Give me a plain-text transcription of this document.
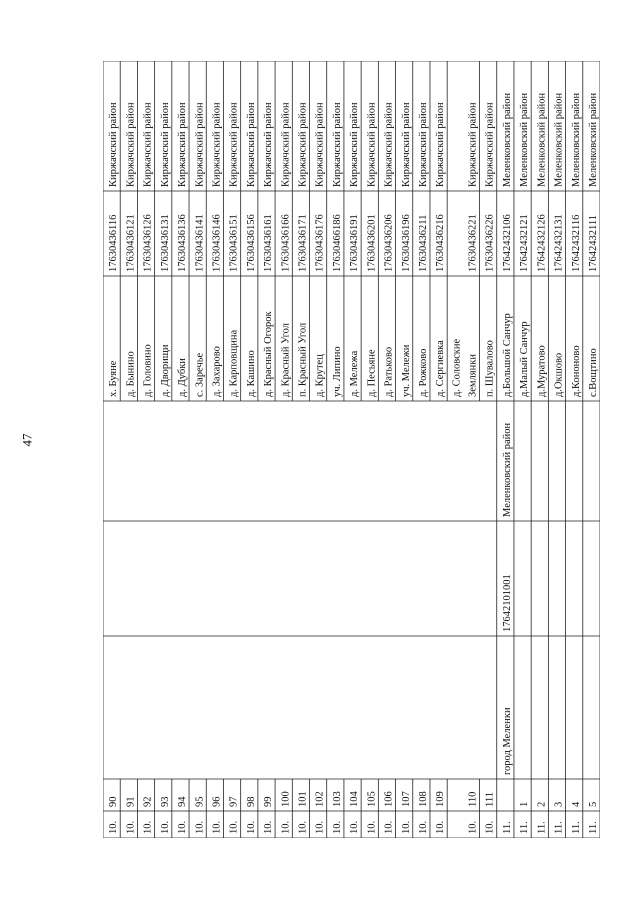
47
10.
90
х. Буяне
17630436116
Киржачский район
10.
91
д. Бынино
17630436121
Киржачский район
10.
92
д. Головино
17630436126
Киржачский район
10.
93
д. Дворищи
17630436131
Киржачский район
10.
94
д. Дубки
17630436136
Киржачский район
10.
95
с. Заречье
17630436141
Киржачский район
10.
96
д. Захарово
17630436146
Киржачский район
10.
97
д. Карповщина
17630436151
Киржачский район
10.
98
д. Кашино
17630436156
Киржачский район
10.
99
д. Красный Огорок
17630436161
Киржачский район
10.
100
д. Красный Угол
17630436166
Киржачский район
10.
101
п. Красный Угол
17630436171
Киржачский район
10.
102
д. Крутец
17630436176
Киржачский район
10.
103
уч. Липино
17630466186
Киржачский район
10.
104
д. Мележа
17630436191
Киржачский район
10.
105
д. Песьяне
17630436201
Киржачский район
10.
106
д. Ратьково
17630436206
Киржачский район
10.
107
уч. Мележи
17630436196
Киржачский район
10.
108
д. Рожково
17630436211
Киржачский район
10.
109
д. Сергиевка
17630436216
Киржачский район
10.
110
д. Соловские Землянки
17630436221
Киржачский район
10.
111
п. Шувалово
17630436226
Киржачский район
11.
город Меленки
17642101001
Меленковский район
д.Большой Санчур
17642432106
Меленковский район
11.
1
д.Малый Санчур
17642432121
Меленковский район
11.
2
д.Муратово
17642432126
Меленковский район
11.
3
д.Окшово
17642432131
Меленковский район
11.
4
д.Кононово
17642432116
Меленковский район
11.
5
с.Вощтино
17642432111
Меленковский район
